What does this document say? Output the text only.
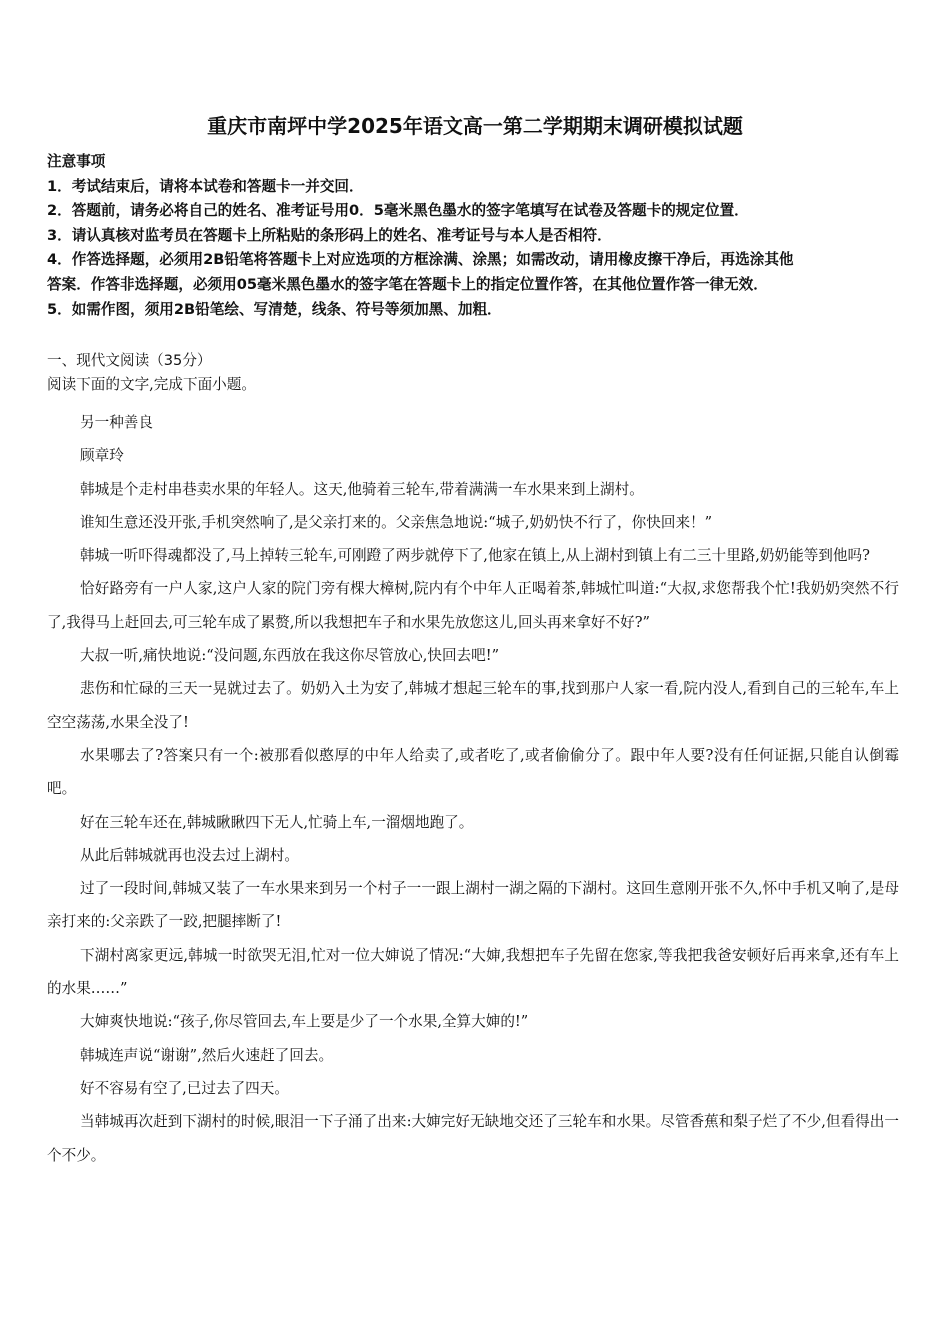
重庆市南坪中学2025年语文高一第二学期期末调研模拟试题

注意事项

1．考试结束后，请将本试卷和答题卡一并交回．

2．答题前，请务必将自己的姓名、准考证号用0．5毫米黑色墨水的签字笔填写在试卷及答题卡的规定位置．

3．请认真核对监考员在答题卡上所粘贴的条形码上的姓名、准考证号与本人是否相符．

4．作答选择题，必须用2B铅笔将答题卡上对应选项的方框涂满、涂黑；如需改动，请用橡皮擦干净后，再选涂其他

答案．作答非选择题，必须用05毫米黑色墨水的签字笔在答题卡上的指定位置作答，在其他位置作答一律无效．

5．如需作图，须用2B铅笔绘、写清楚，线条、符号等须加黑、加粗．

一、现代文阅读（35分）
阅读下面的文字,完成下面小题。

另一种善良

顾章玲

韩城是个走村串巷卖水果的年轻人。这天,他骑着三轮车,带着满满一车水果来到上湖村。

谁知生意还没开张,手机突然响了,是父亲打来的。父亲焦急地说:“城子,奶奶快不行了，你快回来！”

韩城一听吓得魂都没了,马上掉转三轮车,可刚蹬了两步就停下了,他家在镇上,从上湖村到镇上有二三十里路,奶奶能等到他吗?

恰好路旁有一户人家,这户人家的院门旁有棵大樟树,院内有个中年人正喝着茶,韩城忙叫道:“大叔,求您帮我个忙!我奶奶突然不行了,我得马上赶回去,可三轮车成了累赘,所以我想把车子和水果先放您这儿,回头再来拿好不好?”

大叔一听,痛快地说:“没问题,东西放在我这你尽管放心,快回去吧!”

悲伤和忙碌的三天一晃就过去了。奶奶入土为安了,韩城才想起三轮车的事,找到那户人家一看,院内没人,看到自己的三轮车,车上空空荡荡,水果全没了!

水果哪去了?答案只有一个:被那看似憨厚的中年人给卖了,或者吃了,或者偷偷分了。跟中年人要?没有任何证据,只能自认倒霉吧。

好在三轮车还在,韩城瞅瞅四下无人,忙骑上车,一溜烟地跑了。

从此后韩城就再也没去过上湖村。

过了一段时间,韩城又装了一车水果来到另一个村子一一跟上湖村一湖之隔的下湖村。这回生意刚开张不久,怀中手机又响了,是母亲打来的:父亲跌了一跤,把腿摔断了!

下湖村离家更远,韩城一时欲哭无泪,忙对一位大婶说了情况:“大婶,我想把车子先留在您家,等我把我爸安顿好后再来拿,还有车上的水果……”

大婶爽快地说:“孩子,你尽管回去,车上要是少了一个水果,全算大婶的!”

韩城连声说“谢谢”,然后火速赶了回去。

好不容易有空了,已过去了四天。

当韩城再次赶到下湖村的时候,眼泪一下子涌了出来:大婶完好无缺地交还了三轮车和水果。尽管香蕉和梨子烂了不少,但看得出一个不少。
